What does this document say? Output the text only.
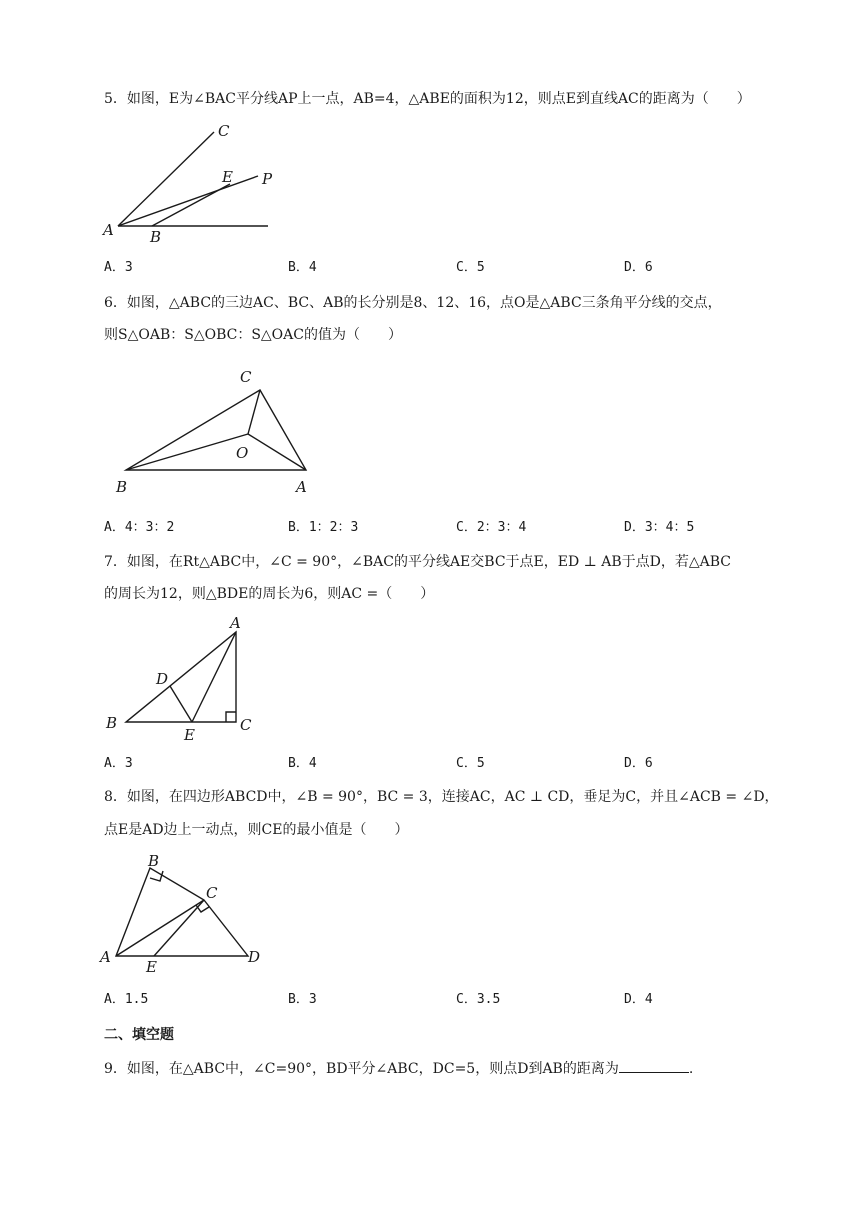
5．如图，E为∠BAC平分线AP上一点，AB=4，△ABE的面积为12，则点E到直线AC的距离为（　　）
C
E P
A B
A．3	B．4	C．5	D．6
6．如图，△ABC的三边AC、BC、AB的长分别是8、12、16，点O是△ABC三条角平分线的交点，
则S△OAB：S△OBC：S△OAC的值为（　　）
C
O
B	A
A．4：3：2	B．1：2：3	C．2：3：4	D．3：4：5
7．如图，在Rt△ABC中，∠C = 90°，∠BAC的平分线AE交BC于点E，ED ⊥ AB于点D，若△ABC
的周长为12，则△BDE的周长为6，则AC =（　　）
A
D
B
E
C
A．3	B．4	C．5	D．6
8．如图，在四边形ABCD中，∠B = 90°，BC = 3，连接AC，AC ⊥ CD，垂足为C，并且∠ACB = ∠D，
点E是AD边上一动点，则CE的最小值是（　　）
B
C
A
E
D
A．1.5	B．3	C．3.5	D．4
二、填空题
9．如图，在△ABC中，∠C=90°，BD平分∠ABC，DC=5，则点D到AB的距离为	.
